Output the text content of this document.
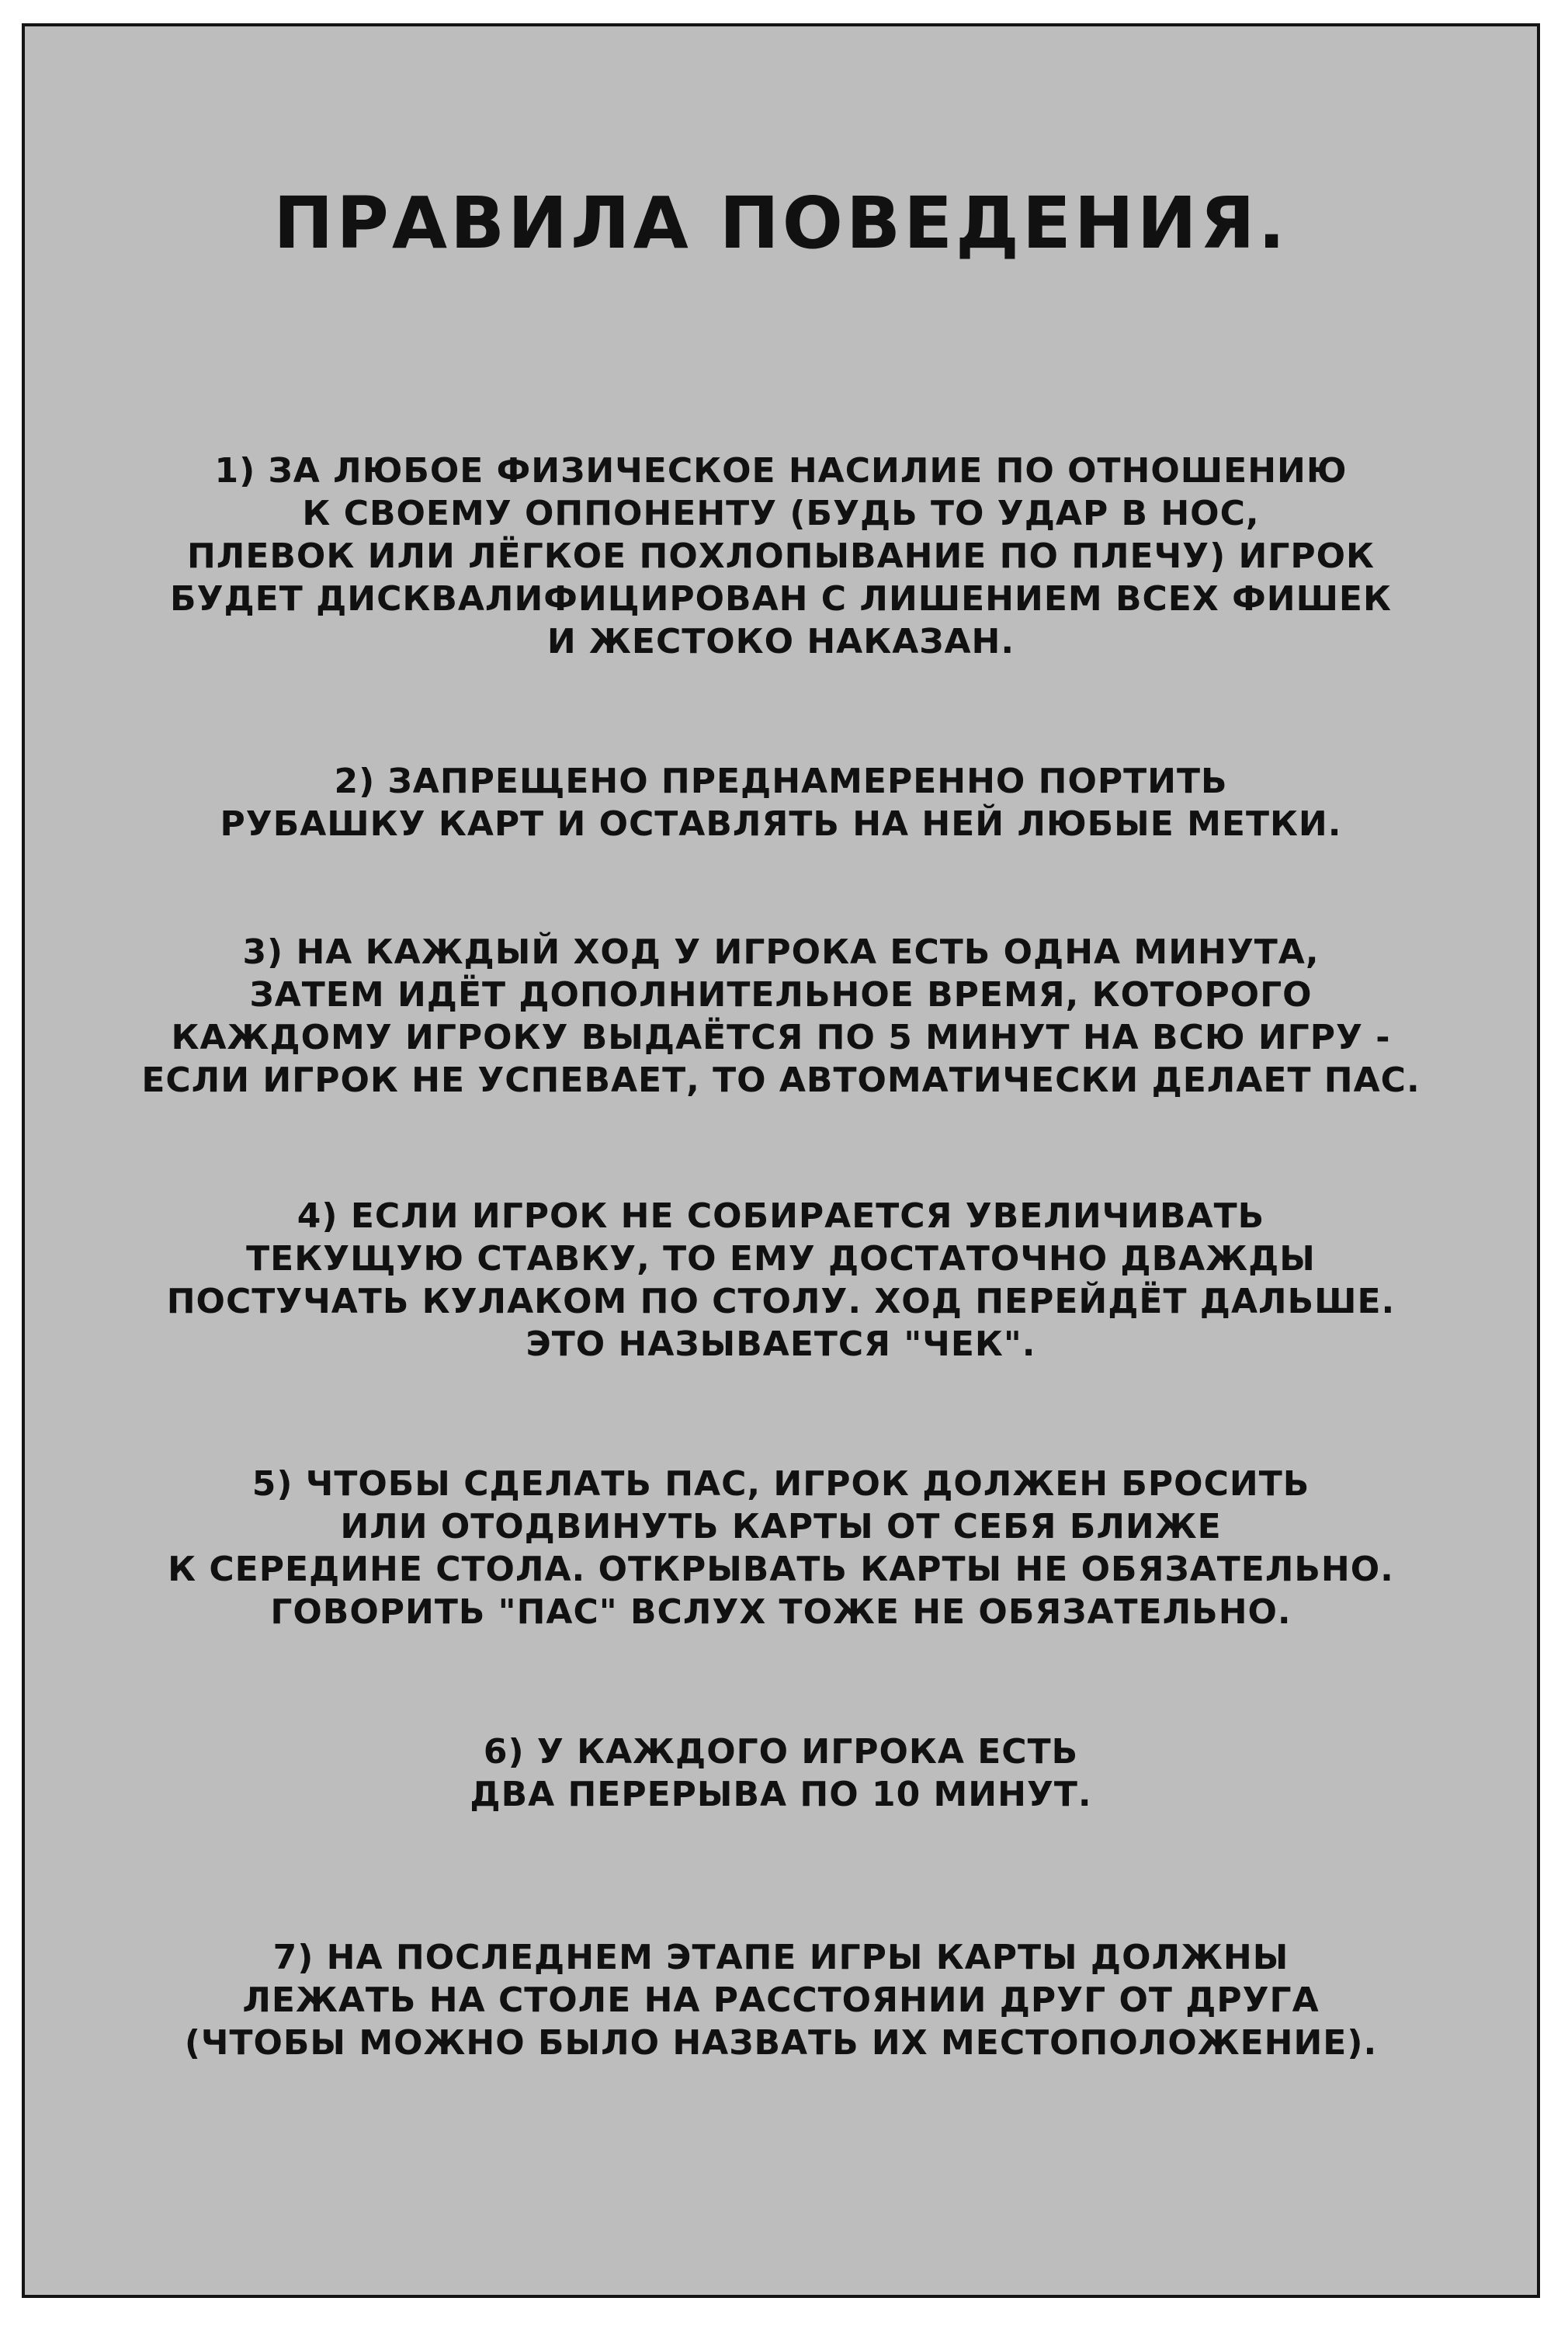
ПРАВИЛА ПОВЕДЕНИЯ.

1) ЗА ЛЮБОЕ ФИЗИЧЕСКОЕ НАСИЛИЕ ПО ОТНОШЕНИЮ
К СВОЕМУ ОППОНЕНТУ (БУДЬ ТО УДАР В НОС,
ПЛЕВОК ИЛИ ЛЁГКОЕ ПОХЛОПЫВАНИЕ ПО ПЛЕЧУ) ИГРОК
БУДЕТ ДИСКВАЛИФИЦИРОВАН С ЛИШЕНИЕМ ВСЕХ ФИШЕК
И ЖЕСТОКО НАКАЗАН.

2) ЗАПРЕЩЕНО ПРЕДНАМЕРЕННО ПОРТИТЬ
РУБАШКУ КАРТ И ОСТАВЛЯТЬ НА НЕЙ ЛЮБЫЕ МЕТКИ.

3) НА КАЖДЫЙ ХОД У ИГРОКА ЕСТЬ ОДНА МИНУТА,
ЗАТЕМ ИДЁТ ДОПОЛНИТЕЛЬНОЕ ВРЕМЯ, КОТОРОГО
КАЖДОМУ ИГРОКУ ВЫДАЁТСЯ ПО 5 МИНУТ НА ВСЮ ИГРУ -
ЕСЛИ ИГРОК НЕ УСПЕВАЕТ, ТО АВТОМАТИЧЕСКИ ДЕЛАЕТ ПАС.

4) ЕСЛИ ИГРОК НЕ СОБИРАЕТСЯ УВЕЛИЧИВАТЬ
ТЕКУЩУЮ СТАВКУ, ТО ЕМУ ДОСТАТОЧНО ДВАЖДЫ
ПОСТУЧАТЬ КУЛАКОМ ПО СТОЛУ. ХОД ПЕРЕЙДЁТ ДАЛЬШЕ.
ЭТО НАЗЫВАЕТСЯ "ЧЕК".

5) ЧТОБЫ СДЕЛАТЬ ПАС, ИГРОК ДОЛЖЕН БРОСИТЬ
ИЛИ ОТОДВИНУТЬ КАРТЫ ОТ СЕБЯ БЛИЖЕ
К СЕРЕДИНЕ СТОЛА. ОТКРЫВАТЬ КАРТЫ НЕ ОБЯЗАТЕЛЬНО.
ГОВОРИТЬ "ПАС" ВСЛУХ ТОЖЕ НЕ ОБЯЗАТЕЛЬНО.

6) У КАЖДОГО ИГРОКА ЕСТЬ
ДВА ПЕРЕРЫВА ПО 10 МИНУТ.

7) НА ПОСЛЕДНЕМ ЭТАПЕ ИГРЫ КАРТЫ ДОЛЖНЫ
ЛЕЖАТЬ НА СТОЛЕ НА РАССТОЯНИИ ДРУГ ОТ ДРУГА
(ЧТОБЫ МОЖНО БЫЛО НАЗВАТЬ ИХ МЕСТОПОЛОЖЕНИЕ).
